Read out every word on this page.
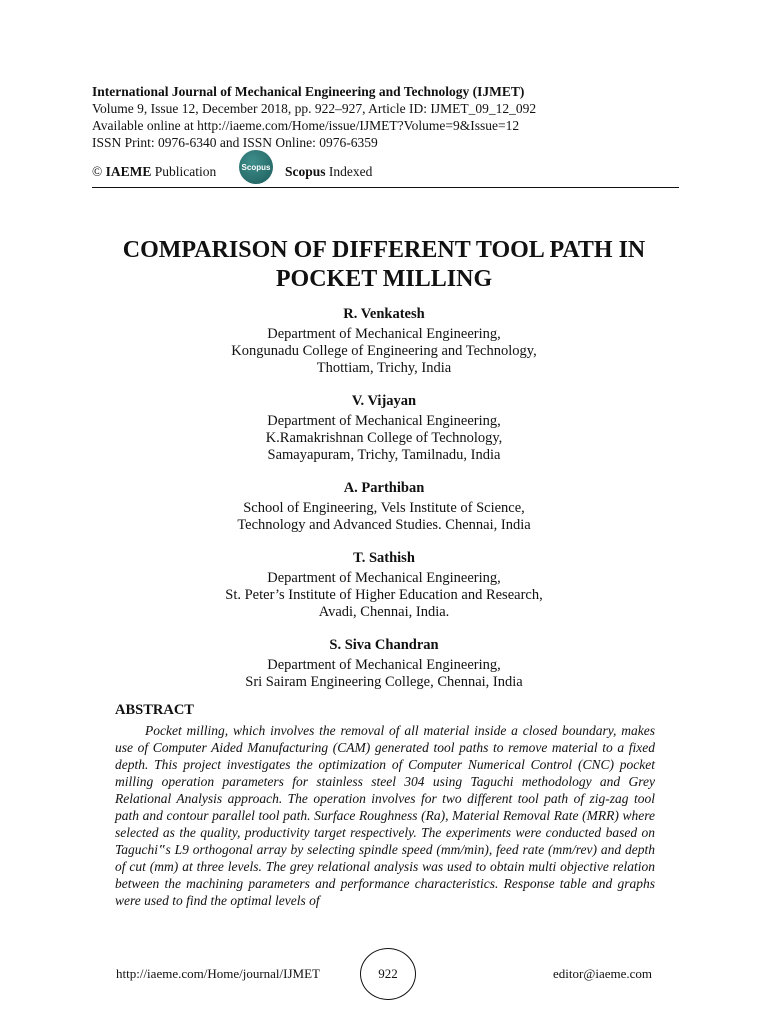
International Journal of Mechanical Engineering and Technology (IJMET)
Volume 9, Issue 12, December 2018, pp. 922–927, Article ID: IJMET_09_12_092
Available online at http://iaeme.com/Home/issue/IJMET?Volume=9&Issue=12
ISSN Print: 0976-6340 and ISSN Online: 0976-6359
© IAEME Publication	Scopus Scopus Indexed
COMPARISON OF DIFFERENT TOOL PATH IN
POCKET MILLING
R. Venkatesh
Department of Mechanical Engineering,
Kongunadu College of Engineering and Technology,
Thottiam, Trichy, India
V. Vijayan
Department of Mechanical Engineering,
K.Ramakrishnan College of Technology,
Samayapuram, Trichy, Tamilnadu, India
A. Parthiban
School of Engineering, Vels Institute of Science,
Technology and Advanced Studies. Chennai, India
T. Sathish
Department of Mechanical Engineering,
St. Peter’s Institute of Higher Education and Research,
Avadi, Chennai, India.
S. Siva Chandran
Department of Mechanical Engineering,
Sri Sairam Engineering College, Chennai, India
ABSTRACT

Pocket milling, which involves the removal of all material inside a closed boundary, makes use of Computer Aided Manufacturing (CAM) generated tool paths to remove material to a fixed depth. This project investigates the optimization of Computer Numerical Control (CNC) pocket milling operation parameters for stainless steel 304 using Taguchi methodology and Grey Relational Analysis approach. The operation involves for two different tool path of zig-zag tool path and contour parallel tool path. Surface Roughness (Ra), Material Removal Rate (MRR) where selected as the quality, productivity target respectively. The experiments were conducted based on Taguchi‟s L9 orthogonal array by selecting spindle speed (mm/min), feed rate (mm/rev) and depth of cut (mm) at three levels. The grey relational analysis was used to obtain multi objective relation between the machining parameters and performance characteristics. Response table and graphs were used to find the optimal levels of

http://iaeme.com/Home/journal/IJMET	922	editor@iaeme.com
